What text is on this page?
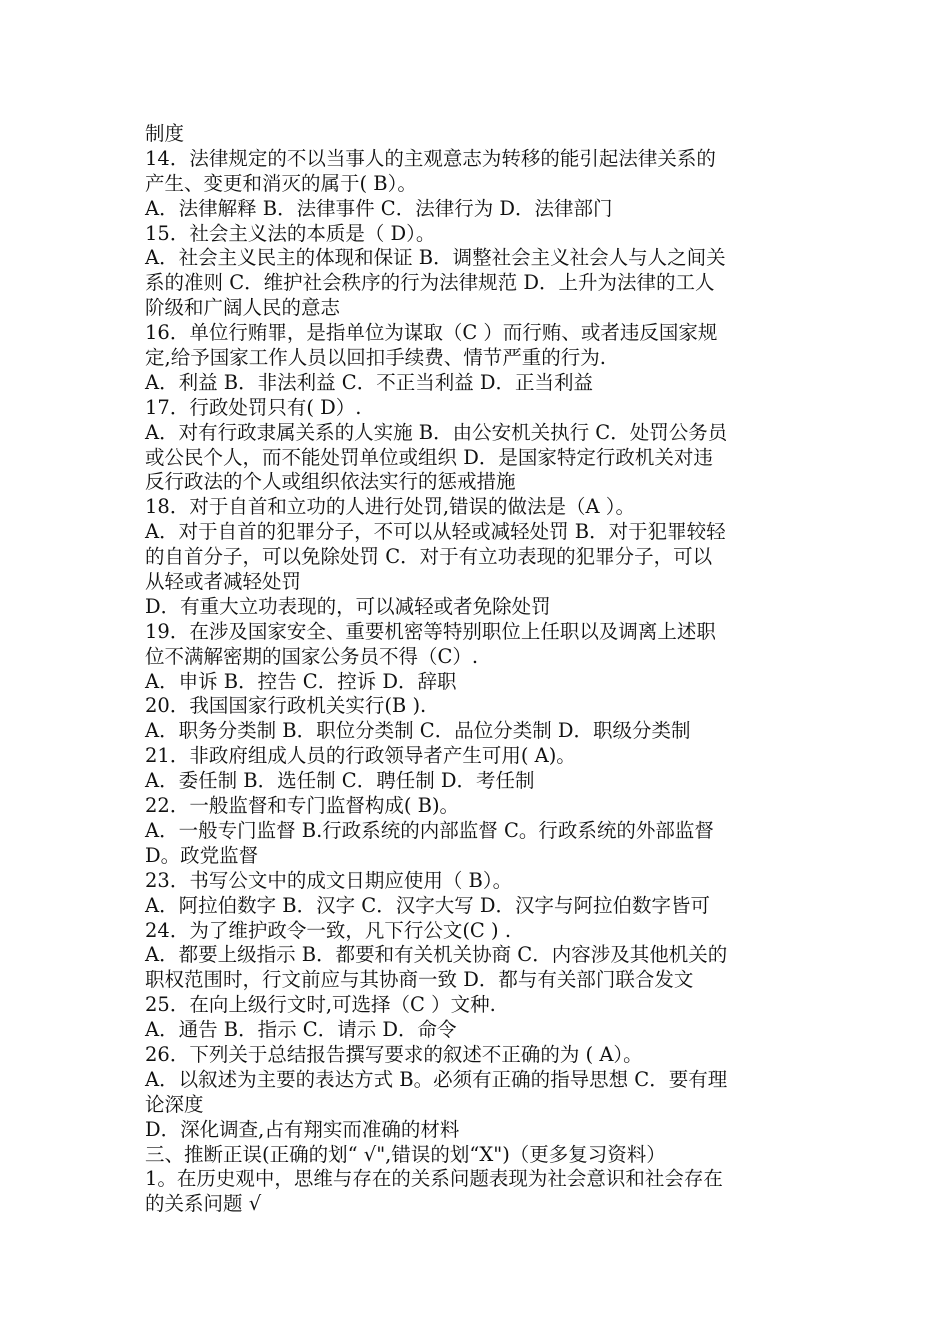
制度
14．法律规定的不以当事人的主观意志为转移的能引起法律关系的
产生、变更和消灭的属于( B）。
A．法律解释 B．法律事件 C．法律行为 D．法律部门
15．社会主义法的本质是（ D）。
A．社会主义民主的体现和保证 B．调整社会主义社会人与人之间关
系的准则 C．维护社会秩序的行为法律规范 D．上升为法律的工人
阶级和广阔人民的意志
16．单位行贿罪，是指单位为谋取（C ）而行贿、或者违反国家规
定,给予国家工作人员以回扣手续费、情节严重的行为.
A．利益 B．非法利益 C．不正当利益 D．正当利益
17．行政处罚只有( D）.
A．对有行政隶属关系的人实施 B．由公安机关执行 C．处罚公务员
或公民个人，而不能处罚单位或组织 D．是国家特定行政机关对违
反行政法的个人或组织依法实行的惩戒措施
18．对于自首和立功的人进行处罚,错误的做法是（A ）。
A．对于自首的犯罪分子，不可以从轻或减轻处罚 B．对于犯罪较轻
的自首分子，可以免除处罚 C．对于有立功表现的犯罪分子，可以
从轻或者减轻处罚
D．有重大立功表现的，可以减轻或者免除处罚
19．在涉及国家安全、重要机密等特别职位上任职以及调离上述职
位不满解密期的国家公务员不得（C）.
A．申诉 B．控告 C．控诉 D．辞职
20．我国国家行政机关实行(B ).
A．职务分类制 B．职位分类制 C．品位分类制 D．职级分类制
21．非政府组成人员的行政领导者产生可用( A)。
A．委任制 B．选任制 C．聘任制 D．考任制
22．一般监督和专门监督构成( B)。
A．一般专门监督 B.行政系统的内部监督 C。行政系统的外部监督
D。政党监督
23．书写公文中的成文日期应使用（ B）。
A．阿拉伯数字 B．汉字 C．汉字大写 D．汉字与阿拉伯数字皆可
24．为了维护政令一致，凡下行公文(C ) .
A．都要上级指示 B．都要和有关机关协商 C．内容涉及其他机关的
职权范围时，行文前应与其协商一致 D．都与有关部门联合发文
25．在向上级行文时,可选择（C ）文种.
A．通告 B．指示 C．请示 D．命令
26．下列关于总结报告撰写要求的叙述不正确的为 ( A）。
A．以叙述为主要的表达方式 B。必须有正确的指导思想 C．要有理
论深度
D．深化调查,占有翔实而准确的材料
三、推断正误(正确的划“ √",错误的划“X")（更多复习资料）
1。在历史观中，思维与存在的关系问题表现为社会意识和社会存在
的关系问题 √
